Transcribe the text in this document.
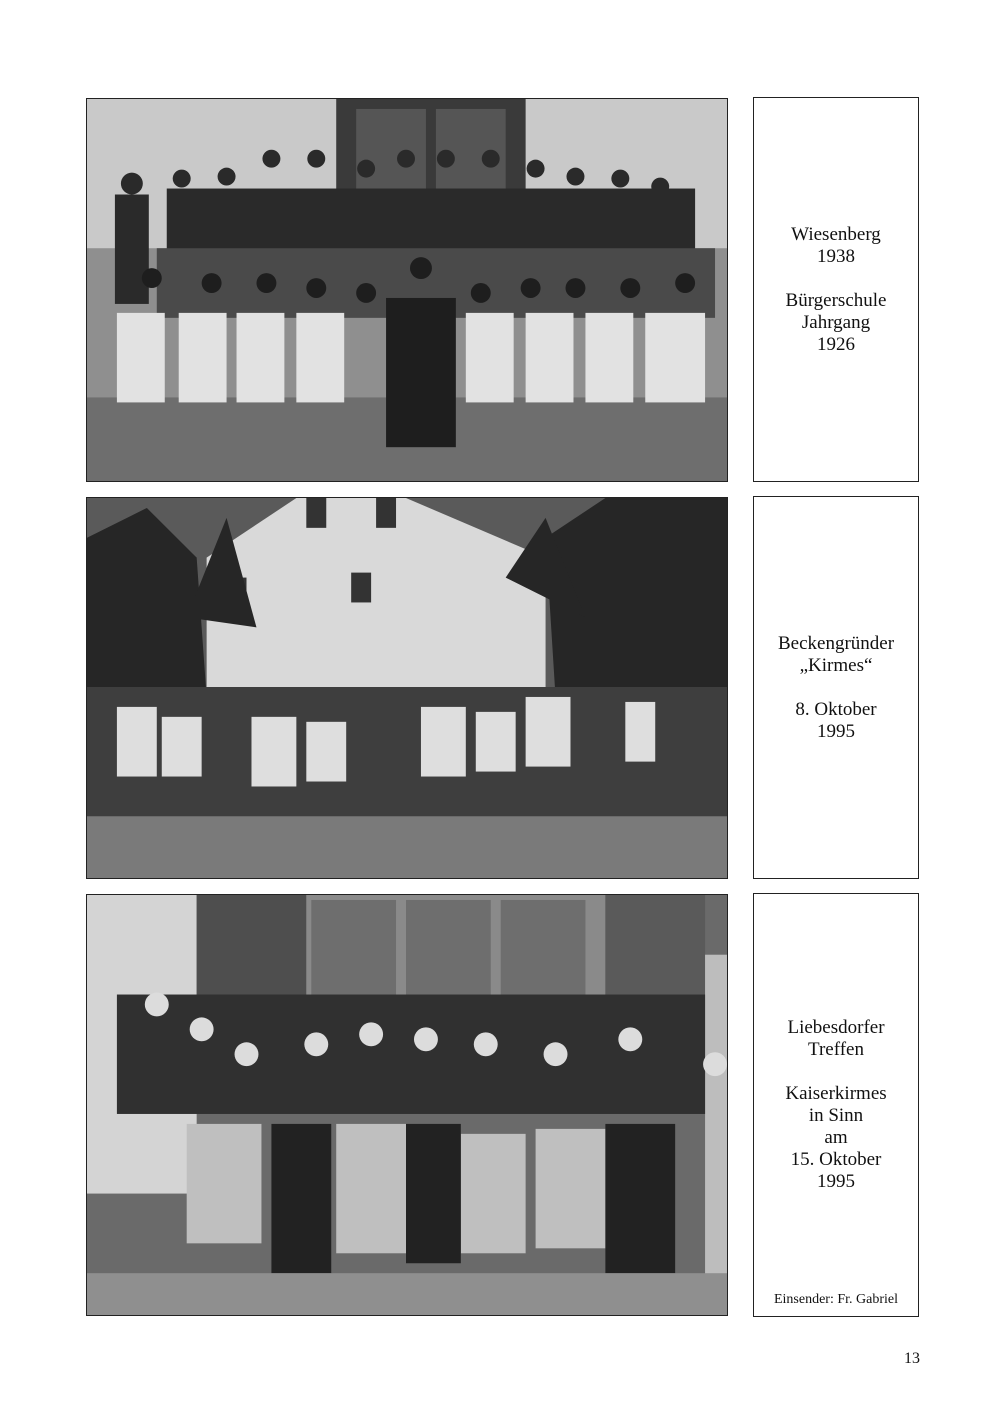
Wiesenberg
1938

Bürgerschule
Jahrgang
1926

Beckengründer
„Kirmes“

8. Oktober
1995

Liebesdorfer
Treffen

Kaiserkirmes
in Sinn
am
15. Oktober
1995

Einsender: Fr. Gabriel
13
